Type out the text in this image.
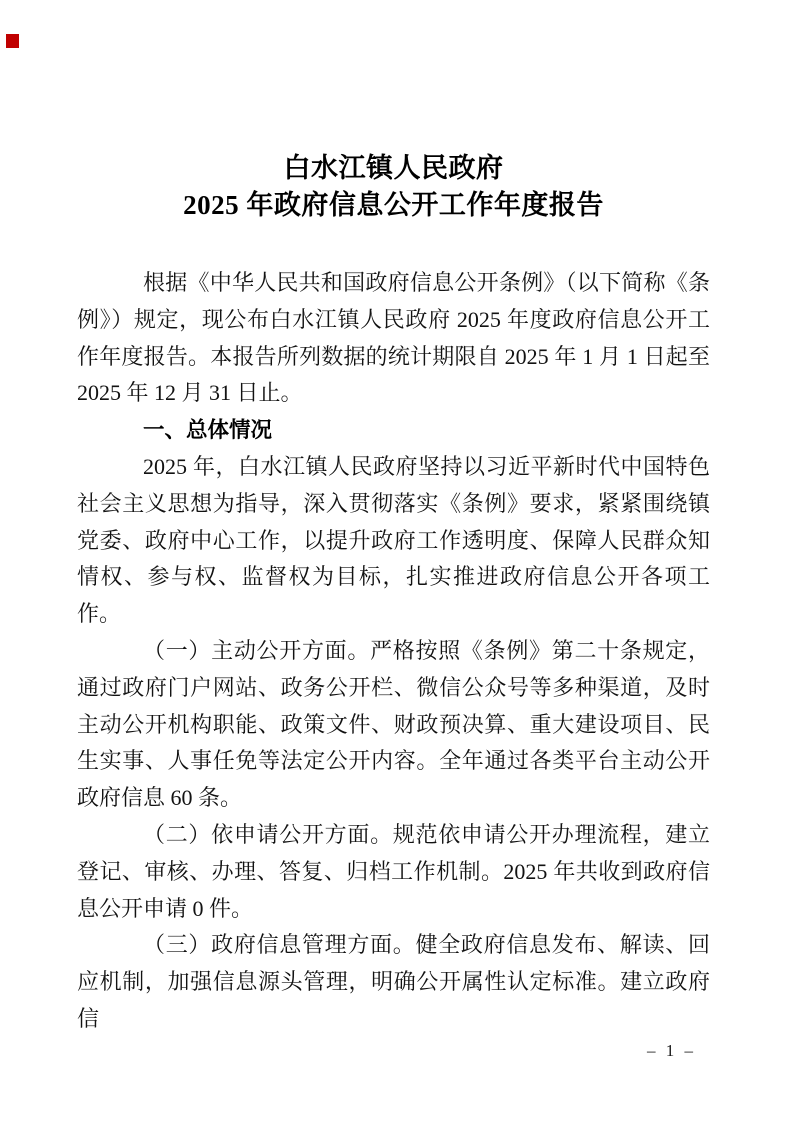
白水江镇人民政府
2025 年政府信息公开工作年度报告

根据《中华人民共和国政府信息公开条例》（以下简称《条例》）规定，现公布白水江镇人民政府 2025 年度政府信息公开工作年度报告。本报告所列数据的统计期限自 2025 年 1 月 1 日起至 2025 年 12 月 31 日止。

一、总体情况

2025 年，白水江镇人民政府坚持以习近平新时代中国特色社会主义思想为指导，深入贯彻落实《条例》要求，紧紧围绕镇党委、政府中心工作，以提升政府工作透明度、保障人民群众知情权、参与权、监督权为目标，扎实推进政府信息公开各项工作。

（一）主动公开方面。严格按照《条例》第二十条规定，通过政府门户网站、政务公开栏、微信公众号等多种渠道，及时主动公开机构职能、政策文件、财政预决算、重大建设项目、民生实事、人事任免等法定公开内容。全年通过各类平台主动公开政府信息 60 条。

（二）依申请公开方面。规范依申请公开办理流程，建立登记、审核、办理、答复、归档工作机制。2025 年共收到政府信息公开申请 0 件。

（三）政府信息管理方面。健全政府信息发布、解读、回应机制，加强信息源头管理，明确公开属性认定标准。建立政府信

– 1 –
